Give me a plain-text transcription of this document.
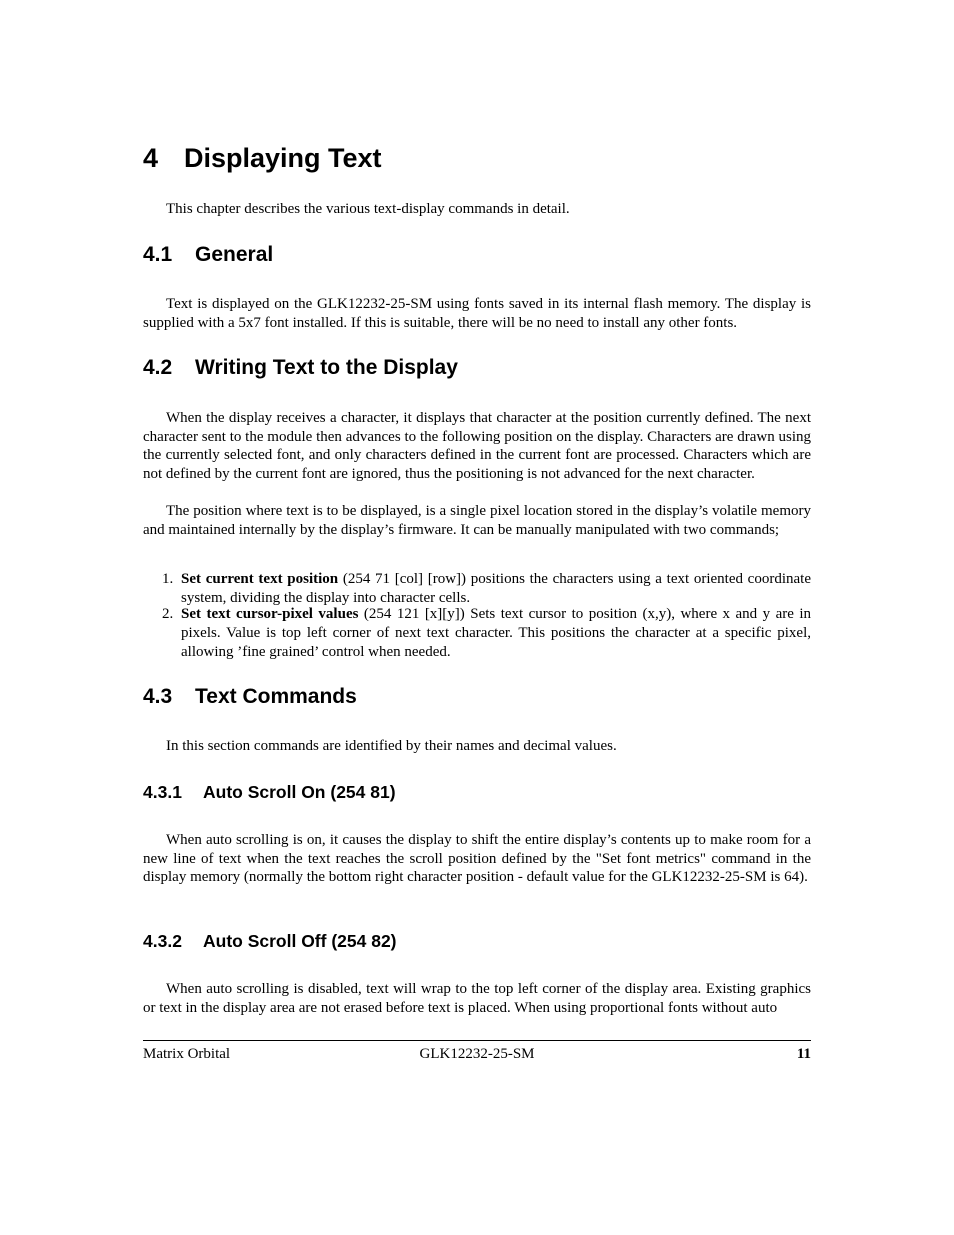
4 Displaying Text

This chapter describes the various text-display commands in detail.

4.1 General

Text is displayed on the GLK12232-25-SM using fonts saved in its internal flash memory. The display is supplied with a 5x7 font installed. If this is suitable, there will be no need to install any other fonts.

4.2 Writing Text to the Display

When the display receives a character, it displays that character at the position currently defined. The next character sent to the module then advances to the following position on the display. Characters are drawn using the currently selected font, and only characters defined in the current font are processed. Characters which are not defined by the current font are ignored, thus the positioning is not advanced for the next character.

The position where text is to be displayed, is a single pixel location stored in the display’s volatile memory and maintained internally by the display’s firmware. It can be manually manipulated with two commands;

1. Set current text position (254 71 [col] [row]) positions the characters using a text oriented coordinate system, dividing the display into character cells.
2. Set text cursor-pixel values (254 121 [x][y]) Sets text cursor to position (x,y), where x and y are in pixels. Value is top left corner of next text character. This positions the character at a specific pixel, allowing ’fine grained’ control when needed.
4.3 Text Commands

In this section commands are identified by their names and decimal values.

4.3.1 Auto Scroll On (254 81)

When auto scrolling is on, it causes the display to shift the entire display’s contents up to make room for a new line of text when the text reaches the scroll position defined by the "Set font metrics" command in the display memory (normally the bottom right character position - default value for the GLK12232-25-SM is 64).

4.3.2 Auto Scroll Off (254 82)

When auto scrolling is disabled, text will wrap to the top left corner of the display area. Existing graphics or text in the display area are not erased before text is placed. When using proportional fonts without auto

Matrix Orbital	GLK12232-25-SM	11
